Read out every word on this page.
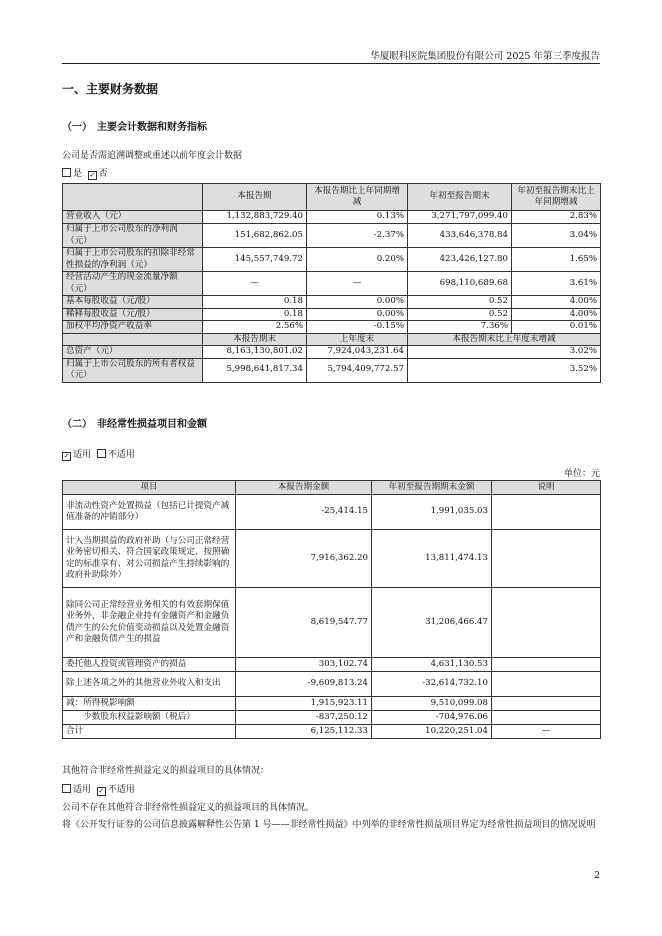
华厦眼科医院集团股份有限公司 2025 年第三季度报告
一、主要财务数据
（一）　主要会计数据和财务指标
公司是否需追溯调整或重述以前年度会计数据
是 ✓ 否
	本报告期	本报告期比上年同期增减	年初至报告期末	年初至报告期末比上年同期增减
营业收入（元）	1,132,883,729.40	0.13%	3,271,797,099.40	2.83%
归属于上市公司股东的净利润（元）	151,682,862.05	-2.37%	433,646,378.84	3.04%
归属于上市公司股东的扣除非经常性损益的净利润（元）	145,557,749.72	0.20%	423,426,127.80	1.65%
经营活动产生的现金流量净额（元）	—	—	698,110,689.68	3.61%
基本每股收益（元/股）	0.18	0.00%	0.52	4.00%
稀释每股收益（元/股）	0.18	0.00%	0.52	4.00%
加权平均净资产收益率	2.56%	-0.15%	7.36%	0.01%
	本报告期末	上年度末	本报告期末比上年度末增减	
总资产（元）	8,163,130,801.02	7,924,043,231.64	3.02%	
归属于上市公司股东的所有者权益（元）	5,998,641,817.34	5,794,409,772.57	3.52%	
（二）　非经常性损益项目和金额
✓ 适用 不适用
单位：元
项目	本报告期金额	年初至报告期期末金额	说明
非流动性资产处置损益（包括已计提资产减值准备的冲销部分）	-25,414.15	1,991,035.03	
计入当期损益的政府补助（与公司正常经营业务密切相关、符合国家政策规定、按照确定的标准享有、对公司损益产生持续影响的政府补助除外）	7,916,362.20	13,811,474.13	
除同公司正常经营业务相关的有效套期保值业务外，非金融企业持有金融资产和金融负债产生的公允价值变动损益以及处置金融资产和金融负债产生的损益	8,619,547.77	31,206,466.47	
委托他人投资或管理资产的损益	303,102.74	4,631,130.53	
除上述各项之外的其他营业外收入和支出	-9,609,813.24	-32,614,732.10	
减：所得税影响额	1,915,923.11	9,510,099.08	
　　少数股东权益影响额（税后）	-837,250.12	-704,976.06	
合计	6,125,112.33	10,220,251.04	—
其他符合非经常性损益定义的损益项目的具体情况：
适用 ✓ 不适用
公司不存在其他符合非经常性损益定义的损益项目的具体情况。
将《公开发行证券的公司信息披露解释性公告第 1 号——非经常性损益》中列举的非经常性损益项目界定为经常性损益项目的情况说明
2
